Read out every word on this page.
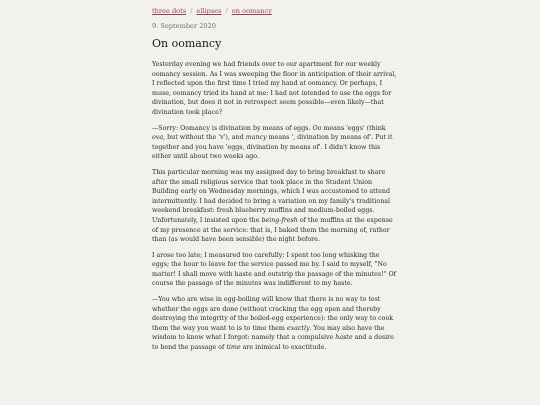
three dots / ellipses / on oomancy
9. September 2020
On oomancy

Yesterday evening we had friends over to our apartment for our weekly oomancy session. As I was sweeping the floor in anticipation of their arrival, I reflected upon the first time I tried my hand at oomancy. Or perhaps, I muse, oomancy tried its hand at me: I had not intended to use the eggs for divination, but does it not in retrospect seem possible—even likely—that divination took place?

—Sorry: Oomancy is divination by means of eggs. Oo means 'eggs' (think ova, but without the 'v'), and mancy means ', divination by means of'. Put it together and you have 'eggs, divination by means of'. I didn't know this either until about two weeks ago.

This particular morning was my assigned day to bring breakfast to share after the small religious service that took place in the Student Union Building early on Wednesday mornings, which I was accustomed to attend intermittently. I had decided to bring a variation on my family's traditional weekend breakfast: fresh blueberry muffins and medium-boiled eggs. Unfortunately, I insisted upon the being-fresh of the muffins at the expense of my presence at the service: that is, I baked them the morning of, rather than (as would have been sensible) the night before.

I arose too late; I measured too carefully; I spent too long whisking the eggs; the hour to leave for the service passed me by. I said to myself, "No matter! I shall move with haste and outstrip the passage of the minutes!" Of course the passage of the minutes was indifferent to my haste.

—You who are wise in egg-boiling will know that there is no way to test whether the eggs are done (without cracking the egg open and thereby destroying the integrity of the boiled-egg experience): the only way to cook them the way you want to is to time them exactly. You may also have the wisdom to know what I forgot: namely that a compulsive haste and a desire to bend the passage of time are inimical to exactitude.
